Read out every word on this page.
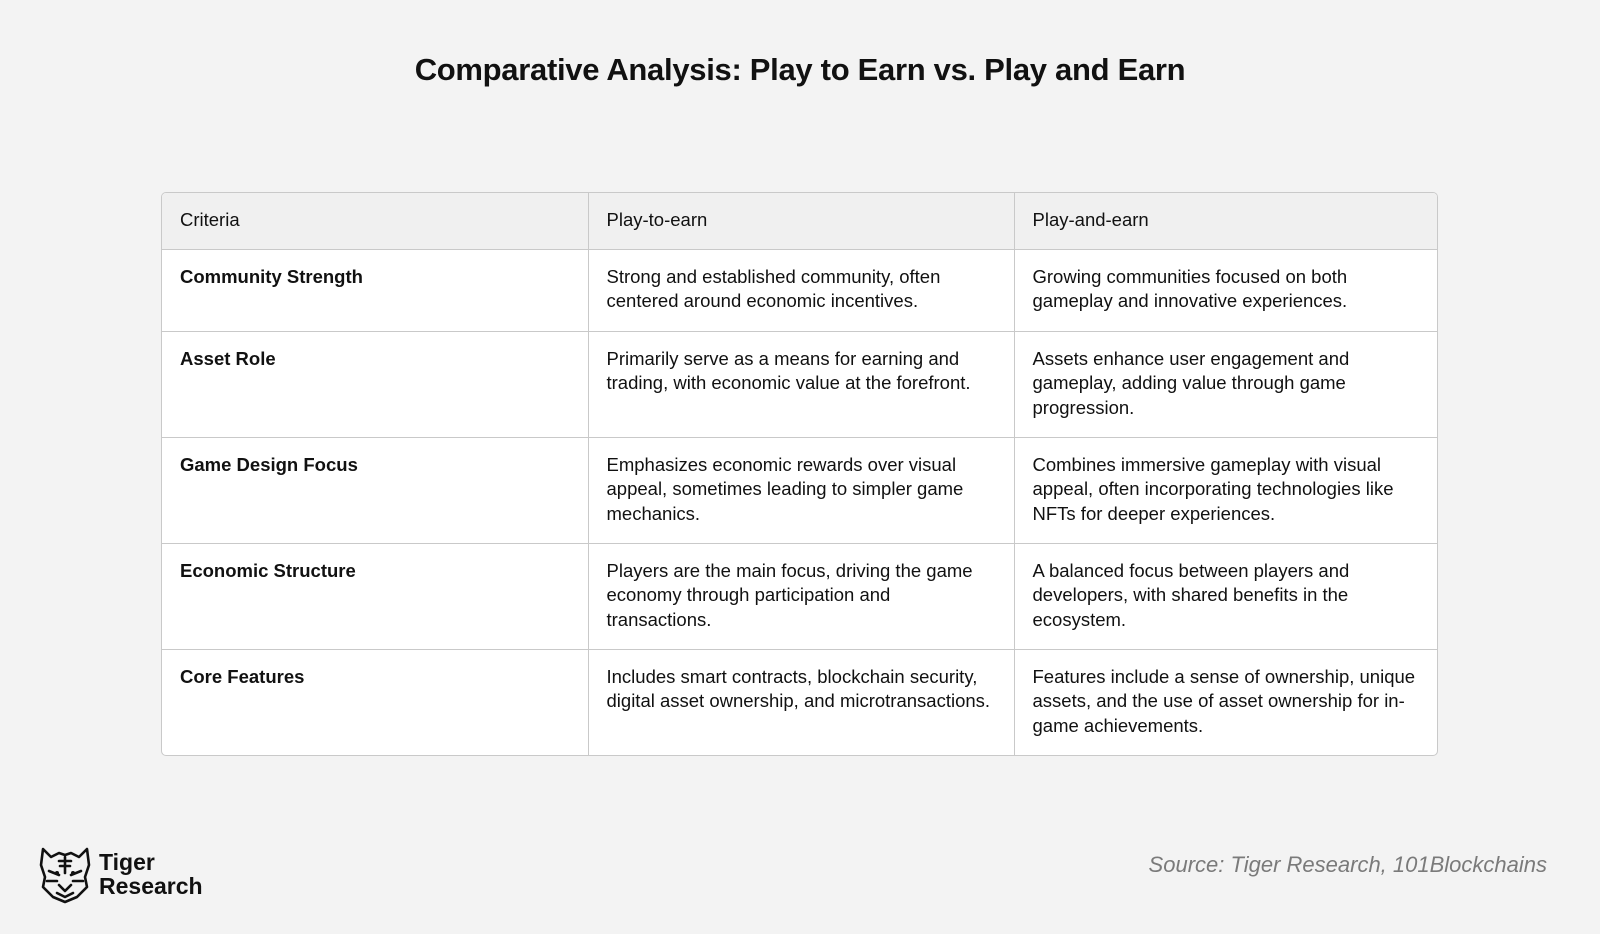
Comparative Analysis: Play to Earn vs. Play and Earn
Criteria	Play-to-earn	Play-and-earn
Community Strength	Strong and established community, often centered around economic incentives.	Growing communities focused on both gameplay and innovative experiences.
Asset Role	Primarily serve as a means for earning and trading, with economic value at the forefront.	Assets enhance user engagement and gameplay, adding value through game progression.
Game Design Focus	Emphasizes economic rewards over visual appeal, sometimes leading to simpler game mechanics.	Combines immersive gameplay with visual appeal, often incorporating technologies like NFTs for deeper experiences.
Economic Structure	Players are the main focus, driving the game economy through participation and transactions.	A balanced focus between players and developers, with shared benefits in the ecosystem.
Core Features	Includes smart contracts, blockchain security, digital asset ownership, and microtransactions.	Features include a sense of ownership, unique assets, and the use of asset ownership for in-game achievements.
Tiger
Research
Source: Tiger Research, 101Blockchains
